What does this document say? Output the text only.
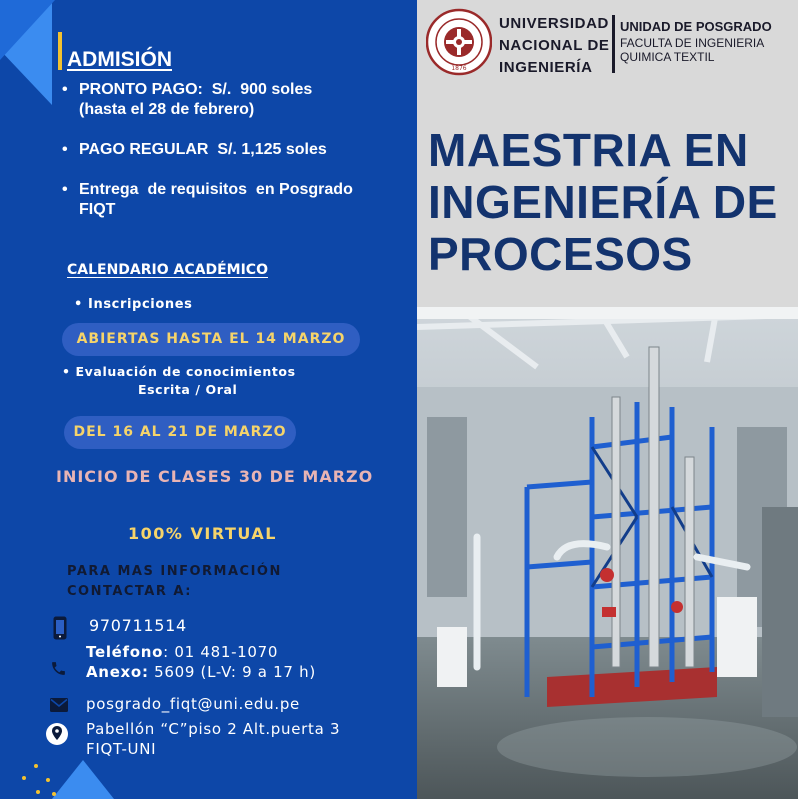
ADMISIÓN
• PRONTO PAGO:  S/.  900 soles
(hasta el 28 de febrero)
• PAGO REGULAR  S/. 1,125 soles
• Entrega  de requisitos  en Posgrado
FIQT
CALENDARIO ACADÉMICO
• Inscripciones
ABIERTAS HASTA EL 14 MARZO
• Evaluación de conocimientos
Escrita / Oral
DEL 16 AL 21 DE MARZO
INICIO DE CLASES 30 DE MARZO
100% VIRTUAL
PARA MAS INFORMACIÓN
CONTACTAR A:
970711514
Teléfono: 01 481-1070
Anexo: 5609 (L-V: 9 a 17 h)
posgrado_fiqt@uni.edu.pe
Pabellón “C”piso 2 Alt.puerta 3
FIQT-UNI
1876
UNIVERSIDAD
NACIONAL DE
INGENIERÍA
UNIDAD DE POSGRADO
FACULTA DE INGENIERIA
QUIMICA TEXTIL
MAESTRIA EN
INGENIERÍA DE
PROCESOS
